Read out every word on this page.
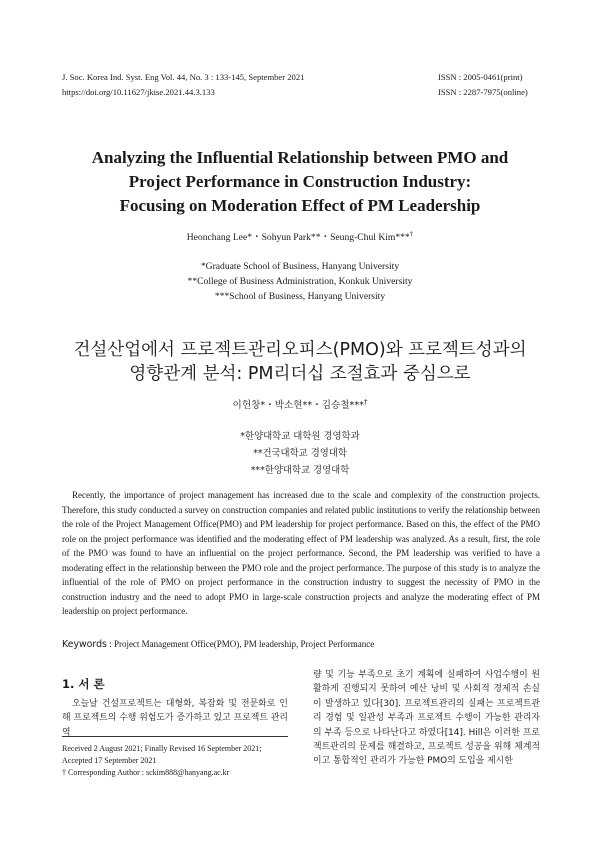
J. Soc. Korea Ind. Syst. Eng Vol. 44, No. 3 : 133-145, September 2021
https://doi.org/10.11627/jkise.2021.44.3.133
ISSN : 2005-0461(print)
ISSN : 2287-7975(online)
Analyzing the Influential Relationship between PMO and
Project Performance in Construction Industry:
Focusing on Moderation Effect of PM Leadership
Heonchang Lee*・Sohyun Park**・Seung-Chul Kim***†
*Graduate School of Business, Hanyang University
**College of Business Administration, Konkuk University
***School of Business, Hanyang University
건설산업에서 프로젝트관리오피스(PMO)와 프로젝트성과의
영향관계 분석: PM리더십 조절효과 중심으로
이헌창*・박소현**・김승철***†
*한양대학교 대학원 경영학과
**건국대학교 경영대학
***한양대학교 경영대학
Recently, the importance of project management has increased due to the scale and complexity of the construction projects. Therefore, this study conducted a survey on construction companies and related public institutions to verify the relationship between the role of the Project Management Office(PMO) and PM leadership for project performance. Based on this, the effect of the PMO role on the project performance was identified and the moderating effect of PM leadership was analyzed. As a result, first, the role of the PMO was found to have an influential on the project performance. Second, the PM leadership was verified to have a moderating effect in the relationship between the PMO role and the project performance. The purpose of this study is to analyze the influential of the role of PMO on project performance in the construction industry to suggest the necessity of PMO in the construction industry and the need to adopt PMO in large-scale construction projects and analyze the moderating effect of PM leadership on project performance.
Keywords : Project Management Office(PMO), PM leadership, Project Performance
1. 서 론
오늘날 건설프로젝트는 대형화, 복잡화 및 전문화로 인해 프로젝트의 수행 위험도가 증가하고 있고 프로젝트 관리역
량 및 기능 부족으로 초기 계획에 실패하여 사업수행이 원활하게 진행되지 못하여 예산 낭비 및 사회적 경제적 손실이 발생하고 있다[30]. 프로젝트관리의 실패는 프로젝트관리 경험 및 일관성 부족과 프로젝트 수행이 가능한 관리자의 부족 등으로 나타난다고 하였다[14]. Hill은 이러한 프로젝트관리의 문제를 해결하고, 프로젝트 성공을 위해 체계적이고 통합적인 관리가 가능한 PMO의 도입을 제시한
Received 2 August 2021; Finally Revised 16 September 2021;
Accepted 17 September 2021
† Corresponding Author : sckim888@hanyang.ac.kr
